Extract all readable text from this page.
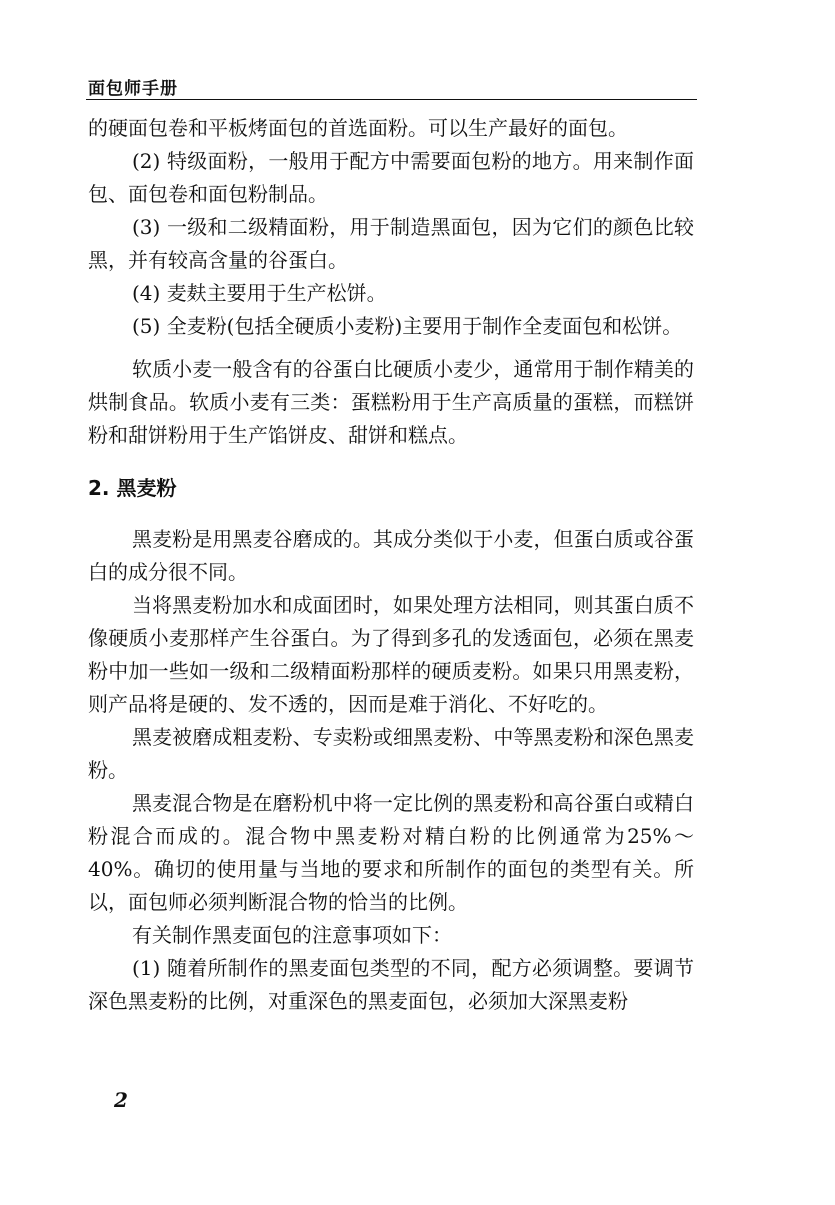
面包师手册

的硬面包卷和平板烤面包的首选面粉。可以生产最好的面包。

(2) 特级面粉，一般用于配方中需要面包粉的地方。用来制作面包、面包卷和面包粉制品。

(3) 一级和二级精面粉，用于制造黑面包，因为它们的颜色比较黑，并有较高含量的谷蛋白。

(4) 麦麸主要用于生产松饼。

(5) 全麦粉(包括全硬质小麦粉)主要用于制作全麦面包和松饼。

软质小麦一般含有的谷蛋白比硬质小麦少，通常用于制作精美的烘制食品。软质小麦有三类：蛋糕粉用于生产高质量的蛋糕，而糕饼粉和甜饼粉用于生产馅饼皮、甜饼和糕点。

2. 黑麦粉

黑麦粉是用黑麦谷磨成的。其成分类似于小麦，但蛋白质或谷蛋白的成分很不同。

当将黑麦粉加水和成面团时，如果处理方法相同，则其蛋白质不像硬质小麦那样产生谷蛋白。为了得到多孔的发透面包，必须在黑麦粉中加一些如一级和二级精面粉那样的硬质麦粉。如果只用黑麦粉，则产品将是硬的、发不透的，因而是难于消化、不好吃的。

黑麦被磨成粗麦粉、专卖粉或细黑麦粉、中等黑麦粉和深色黑麦粉。

黑麦混合物是在磨粉机中将一定比例的黑麦粉和高谷蛋白或精白粉混合而成的。混合物中黑麦粉对精白粉的比例通常为25%～40%。确切的使用量与当地的要求和所制作的面包的类型有关。所以，面包师必须判断混合物的恰当的比例。

有关制作黑麦面包的注意事项如下：

(1) 随着所制作的黑麦面包类型的不同，配方必须调整。要调节深色黑麦粉的比例，对重深色的黑麦面包，必须加大深黑麦粉

2
